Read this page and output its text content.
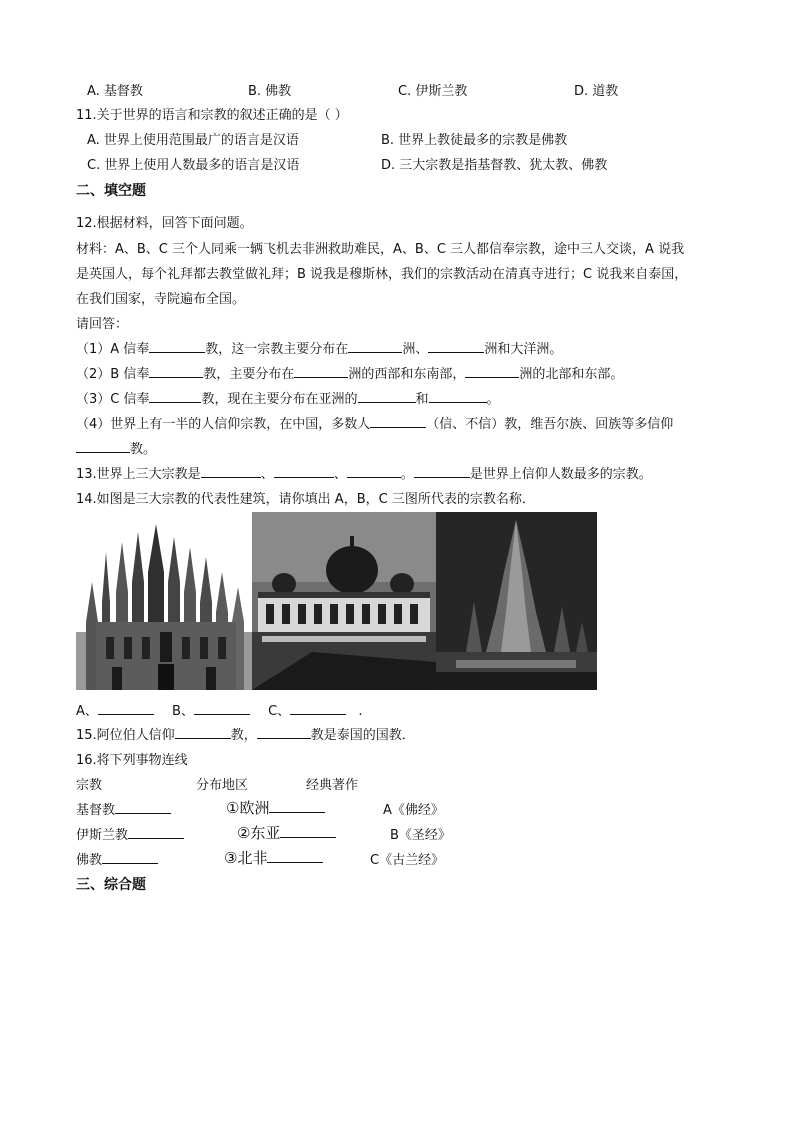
A. 基督教	B. 佛教	C. 伊斯兰教	D. 道教
11.关于世界的语言和宗教的叙述正确的是（ ）
A. 世界上使用范围最广的语言是汉语	B. 世界上教徒最多的宗教是佛教
C. 世界上使用人数最多的语言是汉语	D. 三大宗教是指基督教、犹太教、佛教
二、填空题
12.根据材料，回答下面问题。
材料：A、B、C 三个人同乘一辆飞机去非洲救助难民，A、B、C 三人都信奉宗教，途中三人交谈，A 说我
是英国人，每个礼拜都去教堂做礼拜；B 说我是穆斯林，我们的宗教活动在清真寺进行；C 说我来自泰国，
在我们国家，寺院遍布全国。
请回答：
（1）A 信奉	教，这一宗教主要分布在	洲、	洲和大洋洲。
（2）B 信奉	教，主要分布在	洲的西部和东南部，	洲的北部和东部。
（3）C 信奉	教，现在主要分布在亚洲的	和	。
（4）世界上有一半的人信仰宗教，在中国，多数人	（信、不信）教，维吾尔族、回族等多信仰
教。
13.世界上三大宗教是	、	、	。	是世界上信仰人数最多的宗教。
14.如图是三大宗教的代表性建筑，请你填出 A，B，C 三图所代表的宗教名称．
A、	B、	C、	.
15.阿位伯人信仰	教，	教是泰国的国教．
16.将下列事物连线
宗教	分布地区	经典著作
基督教	①欧洲	A《佛经》
伊斯兰教	②东亚	B《圣经》
佛教	③北非	C《古兰经》
三、综合题
